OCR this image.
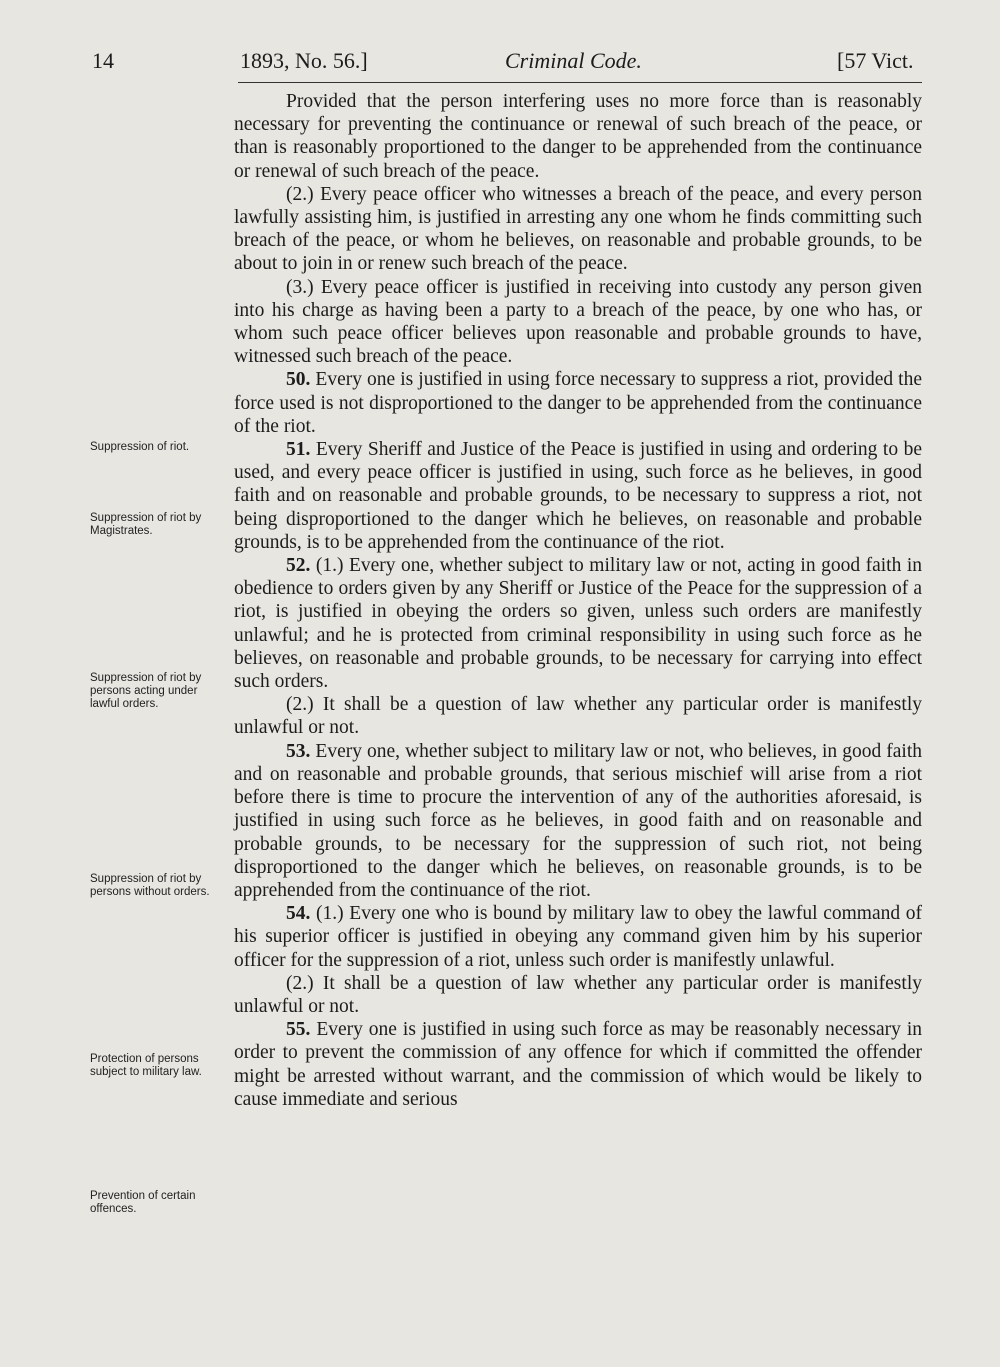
14	1893, No. 56.]	Criminal Code.	[57 Vict.

Provided that the person interfering uses no more force than is reasonably necessary for preventing the continuance or renewal of such breach of the peace, or than is reasonably proportioned to the danger to be apprehended from the continuance or renewal of such breach of the peace.

(2.) Every peace officer who witnesses a breach of the peace, and every person lawfully assisting him, is justified in arresting any one whom he finds committing such breach of the peace, or whom he believes, on reasonable and probable grounds, to be about to join in or renew such breach of the peace.

(3.) Every peace officer is justified in receiving into custody any person given into his charge as having been a party to a breach of the peace, by one who has, or whom such peace officer believes upon reasonable and probable grounds to have, witnessed such breach of the peace.

50. Every one is justified in using force necessary to suppress a riot, provided the force used is not disproportioned to the danger to be apprehended from the continuance of the riot.

51. Every Sheriff and Justice of the Peace is justified in using and ordering to be used, and every peace officer is justified in using, such force as he believes, in good faith and on reasonable and probable grounds, to be necessary to suppress a riot, not being disproportioned to the danger which he believes, on reasonable and probable grounds, is to be apprehended from the continuance of the riot.

52. (1.) Every one, whether subject to military law or not, acting in good faith in obedience to orders given by any Sheriff or Justice of the Peace for the suppression of a riot, is justified in obeying the orders so given, unless such orders are manifestly unlawful; and he is protected from criminal responsibility in using such force as he believes, on reasonable and probable grounds, to be necessary for carrying into effect such orders.

(2.) It shall be a question of law whether any particular order is manifestly unlawful or not.

53. Every one, whether subject to military law or not, who believes, in good faith and on reasonable and probable grounds, that serious mischief will arise from a riot before there is time to procure the intervention of any of the authorities aforesaid, is justified in using such force as he believes, in good faith and on reasonable and probable grounds, to be necessary for the suppression of such riot, not being disproportioned to the danger which he believes, on reasonable grounds, is to be apprehended from the continuance of the riot.

54. (1.) Every one who is bound by military law to obey the lawful command of his superior officer is justified in obeying any command given him by his superior officer for the suppression of a riot, unless such order is manifestly unlawful.

(2.) It shall be a question of law whether any particular order is manifestly unlawful or not.

55. Every one is justified in using such force as may be reasonably necessary in order to prevent the commission of any offence for which if committed the offender might be arrested without warrant, and the commission of which would be likely to cause immediate and serious

Suppression of riot.
Suppression of riot by Magistrates.
Suppression of riot by persons acting under lawful orders.
Suppression of riot by persons without orders.
Protection of persons subject to military law.
Prevention of certain offences.
